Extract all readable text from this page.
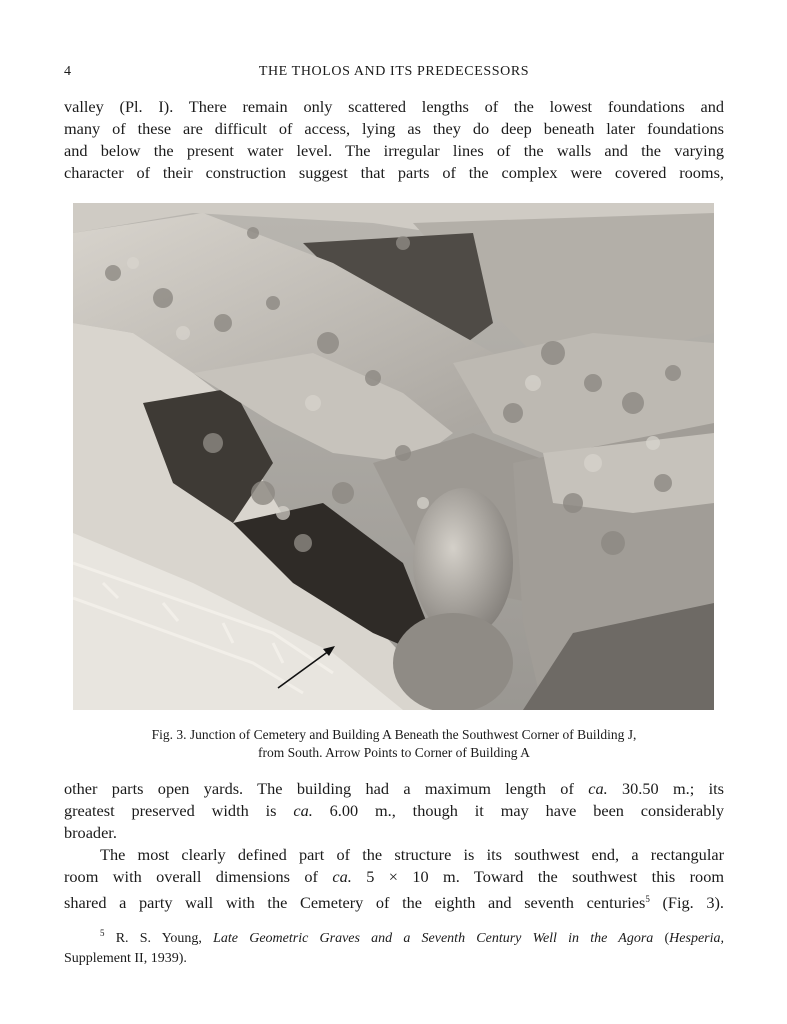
4	THE THOLOS AND ITS PREDECESSORS

valley (Pl. I). There remain only scattered lengths of the lowest foundations and
many of these are difficult of access, lying as they do deep beneath later foundations
and below the present water level. The irregular lines of the walls and the varying
character of their construction suggest that parts of the complex were covered rooms,

Fig. 3. Junction of Cemetery and Building A Beneath the Southwest Corner of Building J,
from South. Arrow Points to Corner of Building A

other parts open yards. The building had a maximum length of ca. 30.50 m.; its
greatest preserved width is ca. 6.00 m., though it may have been considerably
broader.

The most clearly defined part of the structure is its southwest end, a rectangular
room with overall dimensions of ca. 5 × 10 m. Toward the southwest this room
shared a party wall with the Cemetery of the eighth and seventh centuries$^5$ (Fig. 3).

$^5$ R. S. Young, Late Geometric Graves and a Seventh Century Well in the Agora (Hesperia,
Supplement II, 1939).
